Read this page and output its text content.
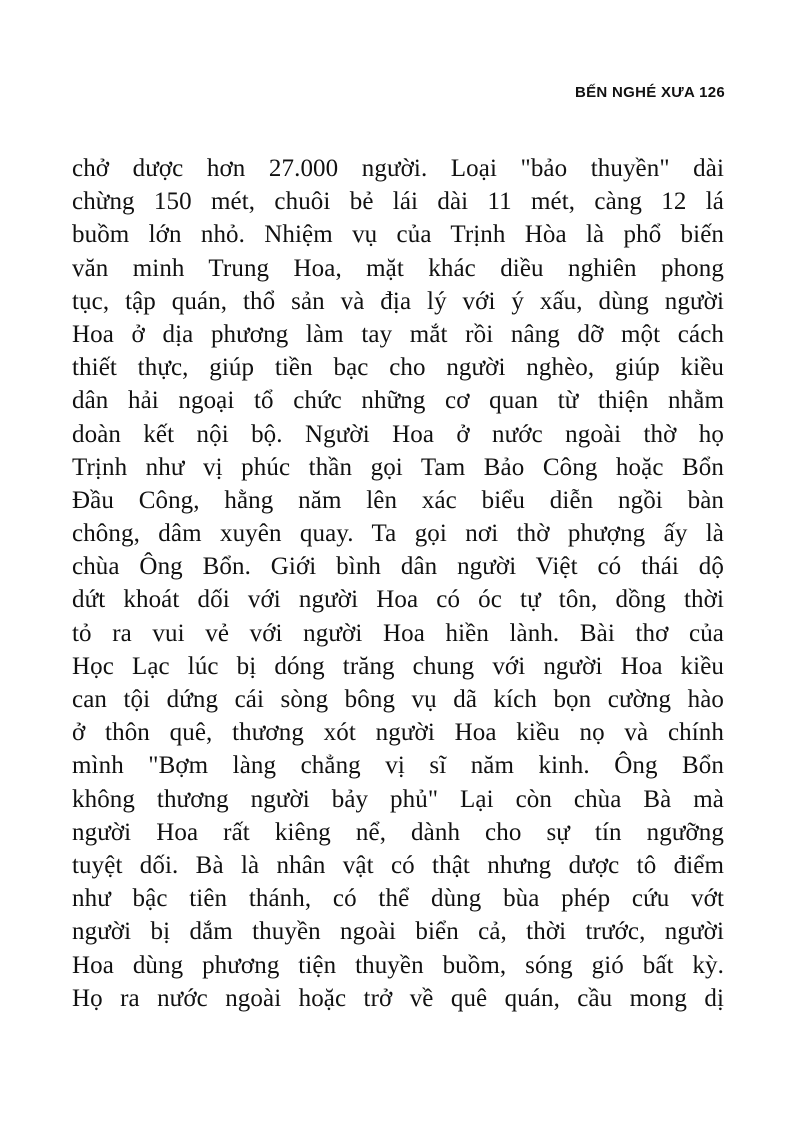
BẾN NGHÉ XƯA 126
chở dược hơn 27.000 người. Loại "bảo thuyền" dài
chừng 150 mét, chuôi bẻ lái dài 11 mét, càng 12 lá
buồm lớn nhỏ. Nhiệm vụ của Trịnh Hòa là phổ biến
văn minh Trung Hoa, mặt khác diều nghiên phong
tục, tập quán, thổ sản và địa lý với ý xấu, dùng người
Hoa ở dịa phương làm tay mắt rồi nâng dỡ một cách
thiết thực, giúp tiền bạc cho người nghèo, giúp kiều
dân hải ngoại tổ chức những cơ quan từ thiện nhằm
doàn kết nội bộ. Người Hoa ở nước ngoài thờ họ
Trịnh như vị phúc thần gọi Tam Bảo Công hoặc Bổn
Đầu Công, hằng năm lên xác biểu diễn ngồi bàn
chông, dâm xuyên quay. Ta gọi nơi thờ phượng ấy là
chùa Ông Bổn. Giới bình dân người Việt có thái dộ
dứt khoát dối với người Hoa có óc tự tôn, dồng thời
tỏ ra vui vẻ với người Hoa hiền lành. Bài thơ của
Học Lạc lúc bị dóng trăng chung với người Hoa kiều
can tội dứng cái sòng bông vụ dã kích bọn cường hào
ở thôn quê, thương xót người Hoa kiều nọ và chính
mình "Bợm làng chẳng vị sĩ năm kinh. Ông Bổn
không thương người bảy phủ" Lại còn chùa Bà mà
người Hoa rất kiêng nể, dành cho sự tín ngưỡng
tuyệt dối. Bà là nhân vật có thật nhưng dược tô điểm
như bậc tiên thánh, có thể dùng bùa phép cứu vớt
người bị dắm thuyền ngoài biển cả, thời trước, người
Hoa dùng phương tiện thuyền buồm, sóng gió bất kỳ.
Họ ra nước ngoài hoặc trở về quê quán, cầu mong dị
